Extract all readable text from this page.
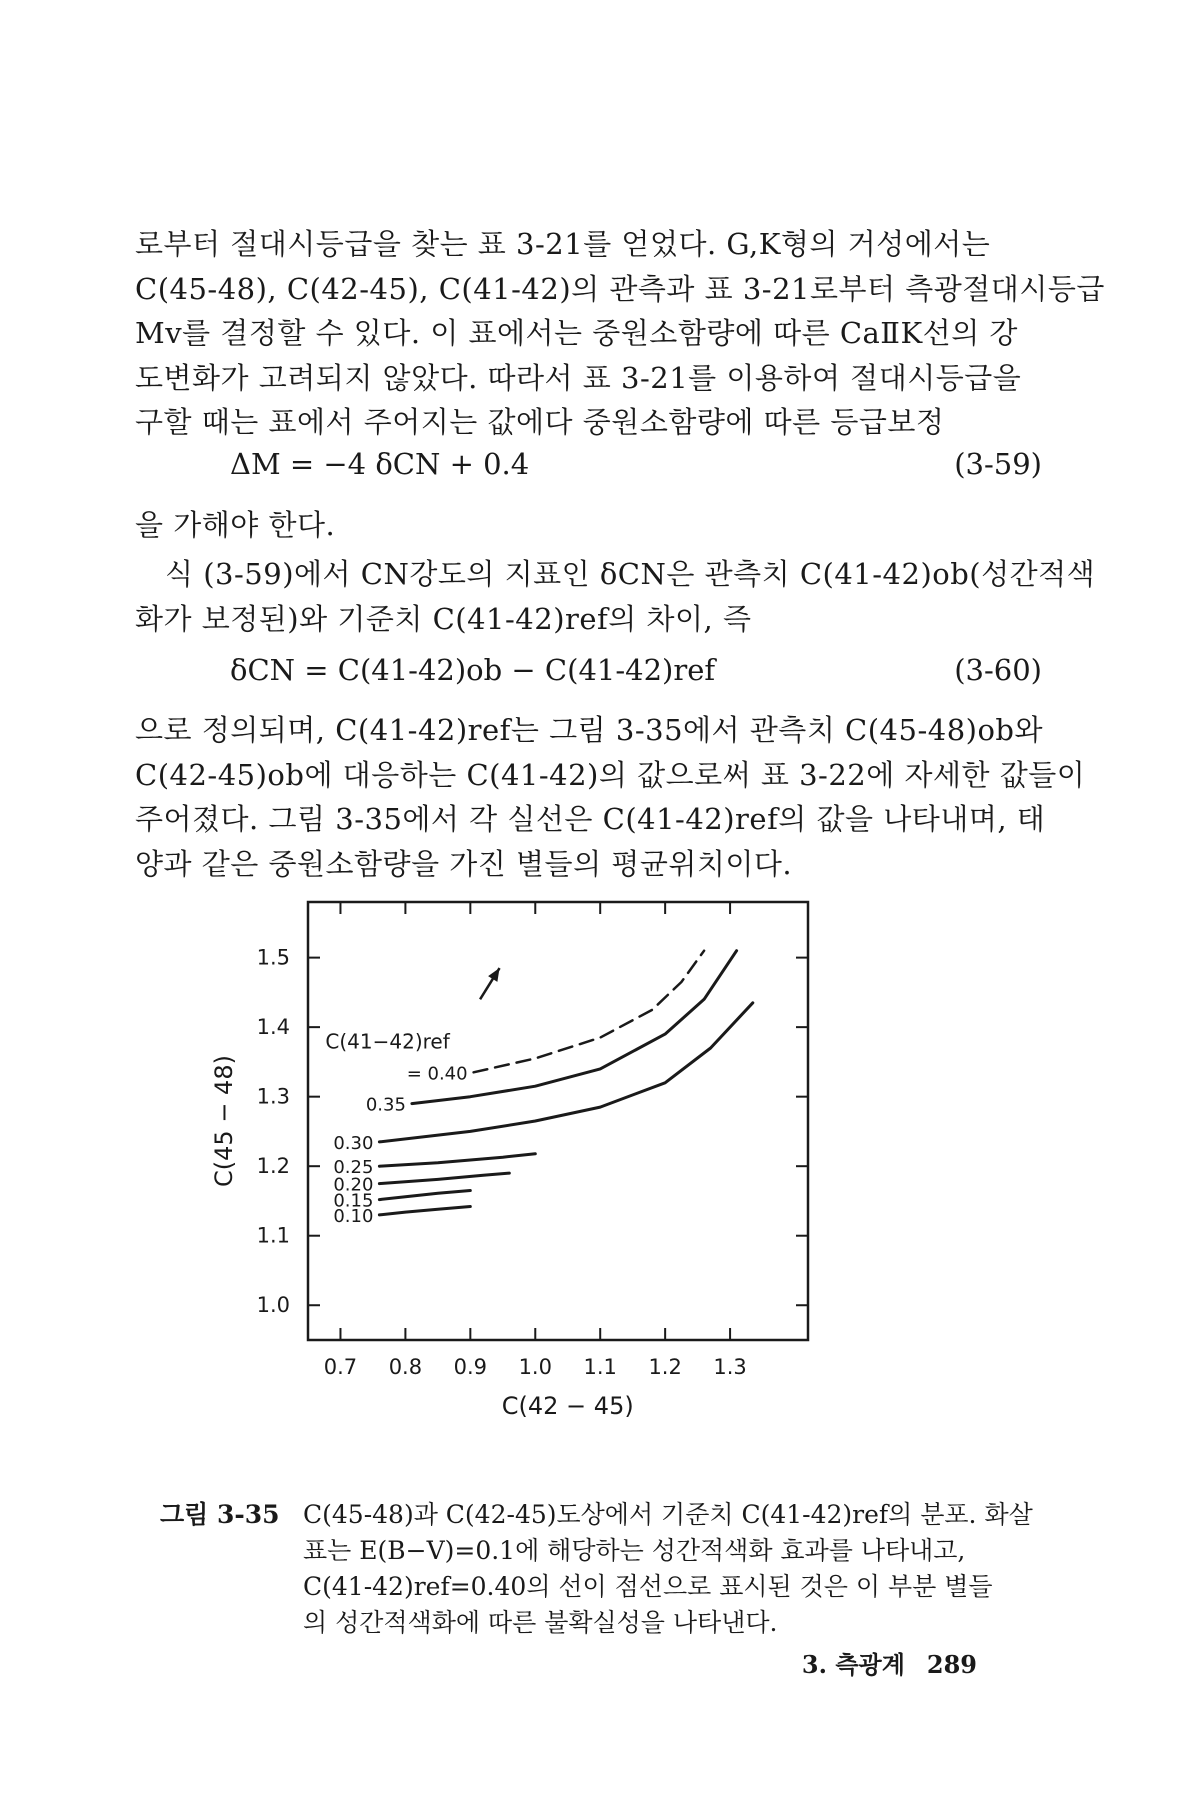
로부터 절대시등급을 찾는 표 3-21를 얻었다. G,K형의 거성에서는
C(45-48), C(42-45), C(41-42)의 관측과 표 3-21로부터 측광절대시등급
Mv를 결정할 수 있다. 이 표에서는 중원소함량에 따른 CaⅡK선의 강
도변화가 고려되지 않았다. 따라서 표 3-21를 이용하여 절대시등급을
구할 때는 표에서 주어지는 값에다 중원소함량에 따른 등급보정
ΔM = −4 δCN + 0.4	(3-59)
을 가해야 한다.
식 (3-59)에서 CN강도의 지표인 δCN은 관측치 C(41-42)ob(성간적색
화가 보정된)와 기준치 C(41-42)ref의 차이, 즉
δCN = C(41-42)ob − C(41-42)ref	(3-60)
으로 정의되며, C(41-42)ref는 그림 3-35에서 관측치 C(45-48)ob와
C(42-45)ob에 대응하는 C(41-42)의 값으로써 표 3-22에 자세한 값들이
주어졌다. 그림 3-35에서 각 실선은 C(41-42)ref의 값을 나타내며, 태
양과 같은 중원소함량을 가진 별들의 평균위치이다.
그림 3-35 C(45-48)과 C(42-45)도상에서 기준치 C(41-42)ref의 분포. 화살
표는 E(B−V)=0.1에 해당하는 성간적색화 효과를 나타내고,
C(41-42)ref=0.40의 선이 점선으로 표시된 것은 이 부분 별들
의 성간적색화에 따른 불확실성을 나타낸다.
3. 측광계 289
0.7 0.8 0.9 1.0 1.1 1.2 1.3
1.0
1.1
1.2
1.3
1.4
1.5
C(42 − 45)
C(45 − 48)	= 0.40
0.35
0.30
0.25
0.20
0.15
0.10
C(41−42)ref
